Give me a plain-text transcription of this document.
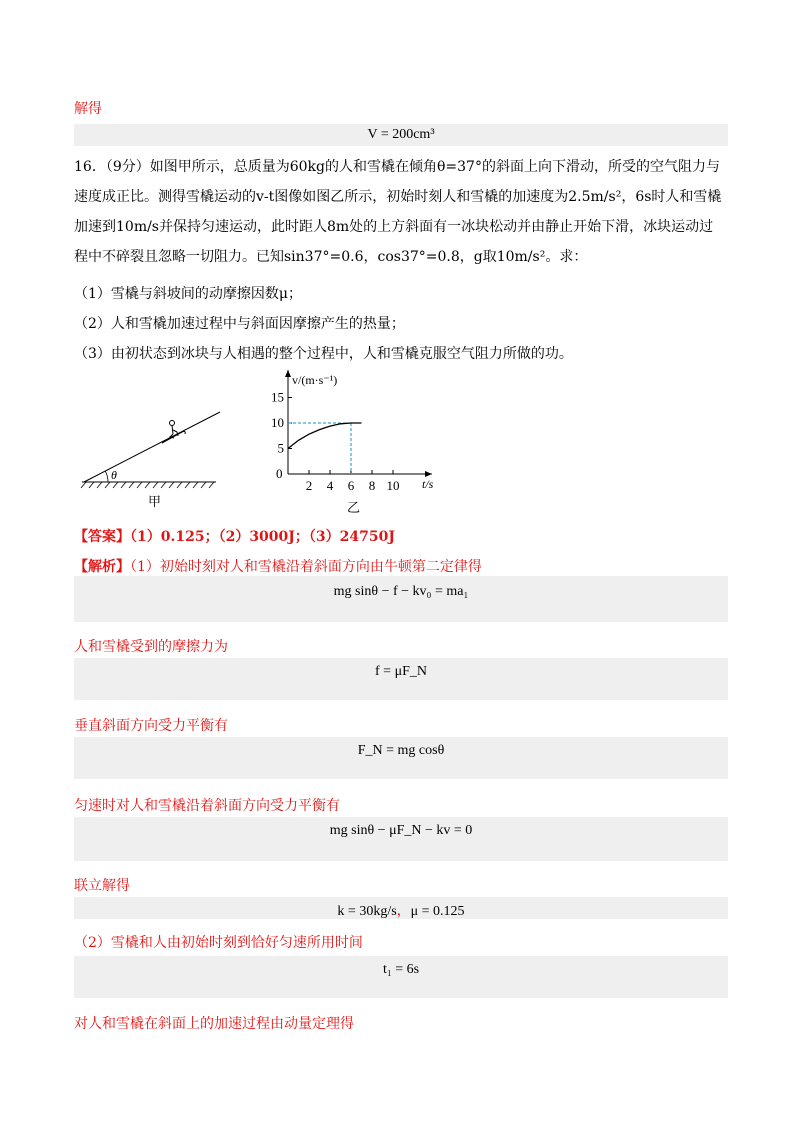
解得
V = 200cm³
16．（9分）如图甲所示，总质量为60kg的人和雪橇在倾角θ=37°的斜面上向下滑动，所受的空气阻力与
速度成正比。测得雪橇运动的v-t图像如图乙所示，初始时刻人和雪橇的加速度为2.5m/s²，6s时人和雪橇
加速到10m/s并保持匀速运动，此时距人8m处的上方斜面有一冰块松动并由静止开始下滑，冰块运动过
程中不碎裂且忽略一切阻力。已知sin37°=0.6，cos37°=0.8，g取10m/s²。求：
（1）雪橇与斜坡间的动摩擦因数μ；
（2）人和雪橇加速过程中与斜面因摩擦产生的热量；
（3）由初状态到冰块与人相遇的整个过程中，人和雪橇克服空气阻力所做的功。
θ
甲
v/(m·s⁻¹)
t/s
0
乙
5
10
15
2 4 6 8 10
【答案】（1）0.125；（2）3000J；（3）24750J
【解析】（1）初始时刻对人和雪橇沿着斜面方向由牛顿第二定律得
mg sinθ − f − kv₀ = ma₁
人和雪橇受到的摩擦力为
f = μF_N
垂直斜面方向受力平衡有
F_N = mg cosθ
匀速时对人和雪橇沿着斜面方向受力平衡有
mg sinθ − μF_N − kv = 0
联立解得
k = 30kg/s，μ = 0.125
（2）雪橇和人由初始时刻到恰好匀速所用时间
t₁ = 6s
对人和雪橇在斜面上的加速过程由动量定理得
